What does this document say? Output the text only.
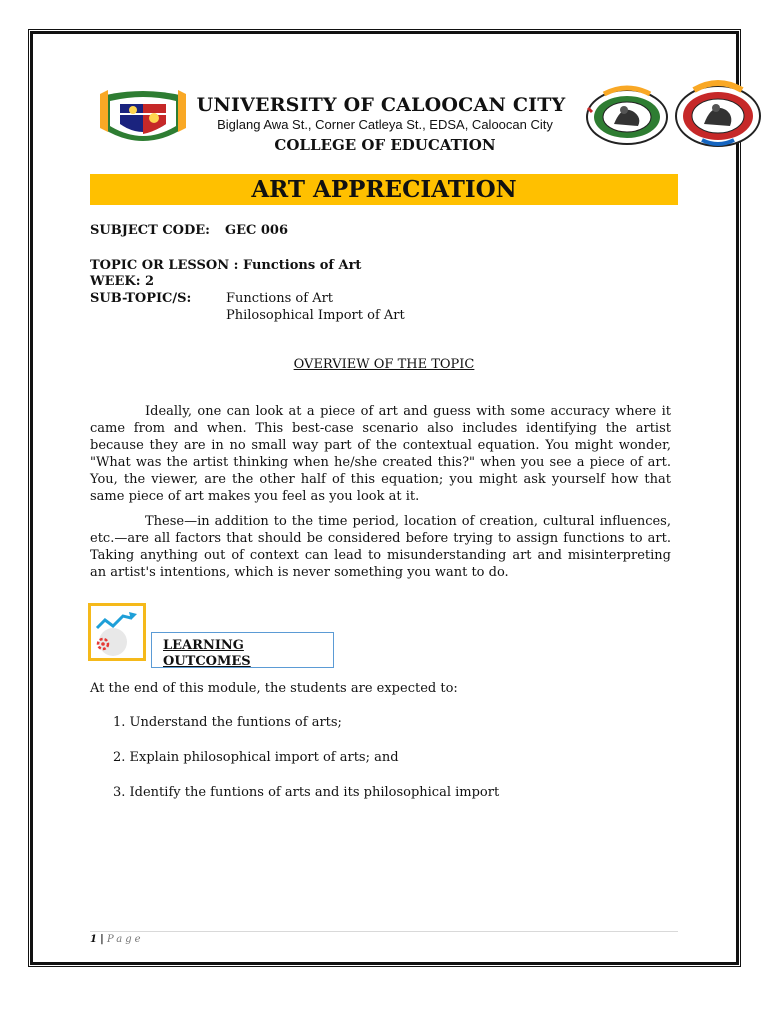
UNIVERSITY OF CALOOCAN CITY
Biglang Awa St., Corner Catleya St., EDSA, Caloocan City
COLLEGE OF EDUCATION
ART APPRECIATION
SUBJECT CODE: GEC 006
TOPIC OR LESSON : Functions of Art
WEEK: 2
SUB-TOPIC/S:	Functions of Art
Philosophical Import of Art
OVERVIEW OF THE TOPIC
Ideally, one can look at a piece of art and guess with some accuracy where it came from and when. This best-case scenario also includes identifying the artist because they are in no small way part of the contextual equation. You might wonder, "What was the artist thinking when he/she created this?" when you see a piece of art. You, the viewer, are the other half of this equation; you might ask yourself how that same piece of art makes you feel as you look at it.
These—in addition to the time period, location of creation, cultural influences, etc.—are all factors that should be considered before trying to assign functions to art. Taking anything out of context can lead to misunderstanding art and misinterpreting an artist's intentions, which is never something you want to do.
LEARNING
OUTCOMES
At the end of this module, the students are expected to:
1. Understand the funtions of arts;
2. Explain philosophical import of arts; and
3. Identify the funtions of arts and its philosophical import
1 | Page
